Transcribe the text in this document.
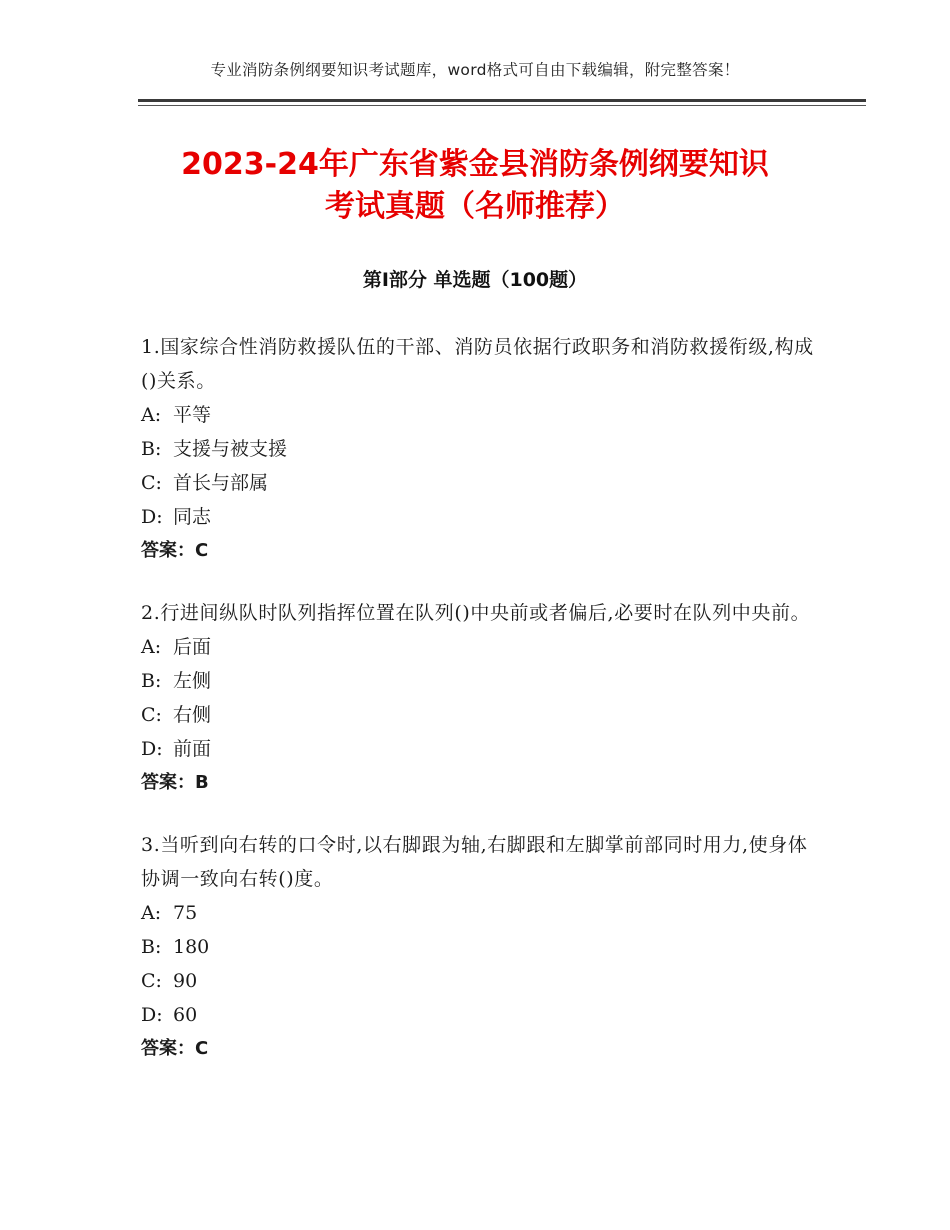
专业消防条例纲要知识考试题库，word格式可自由下载编辑，附完整答案！
2023-24年广东省紫金县消防条例纲要知识
考试真题（名师推荐）
第Ⅰ部分 单选题（100题）

1.国家综合性消防救援队伍的干部、消防员依据行政职务和消防救援衔级,构成()关系。

A: 平等
B: 支援与被支援
C: 首长与部属
D: 同志
答案：C

2.行进间纵队时队列指挥位置在队列()中央前或者偏后,必要时在队列中央前。

A: 后面
B: 左侧
C: 右侧
D: 前面
答案：B

3.当听到向右转的口令时,以右脚跟为轴,右脚跟和左脚掌前部同时用力,使身体协调一致向右转()度。

A: 75
B: 180
C: 90
D: 60
答案：C
